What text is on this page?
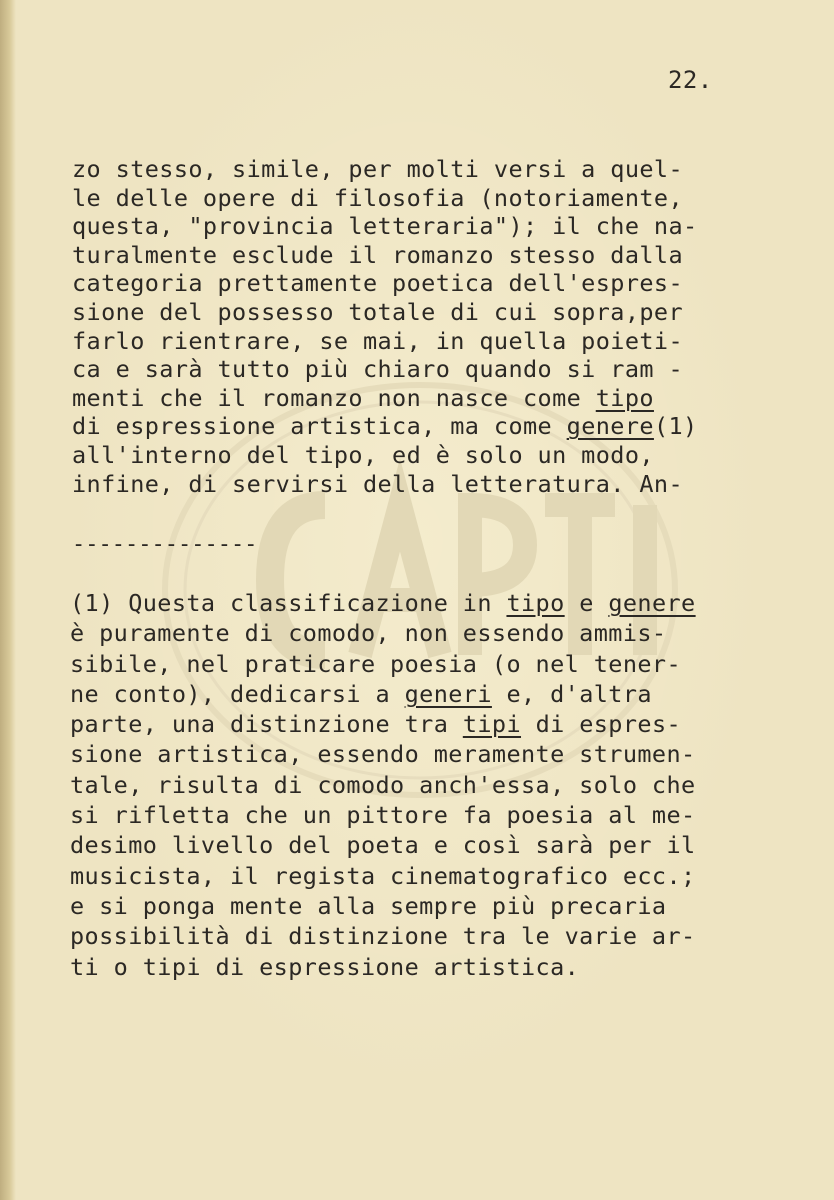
22.
zo stesso, simile, per molti versi a quel-
le delle opere di filosofia (notoriamente,
questa, "provincia letteraria"); il che na-
turalmente esclude il romanzo stesso dalla
categoria prettamente poetica dell'espres-
sione del possesso totale di cui sopra,per
farlo rientrare, se mai, in quella poieti-
ca e sarà tutto più chiaro quando si ram -
menti che il romanzo non nasce come tipo
di espressione artistica, ma come genere(1)
all'interno del tipo, ed è solo un modo,
infine, di servirsi della letteratura. An-
--------------
(1) Questa classificazione in tipo e genere
è puramente di comodo, non essendo ammis-
sibile, nel praticare poesia (o nel tener-
ne conto), dedicarsi a generi e, d'altra
parte, una distinzione tra tipi di espres-
sione artistica, essendo meramente strumen-
tale, risulta di comodo anch'essa, solo che
si rifletta che un pittore fa poesia al me-
desimo livello del poeta e così sarà per il
musicista, il regista cinematografico ecc.;
e si ponga mente alla sempre più precaria
possibilità di distinzione tra le varie ar-
ti o tipi di espressione artistica.
